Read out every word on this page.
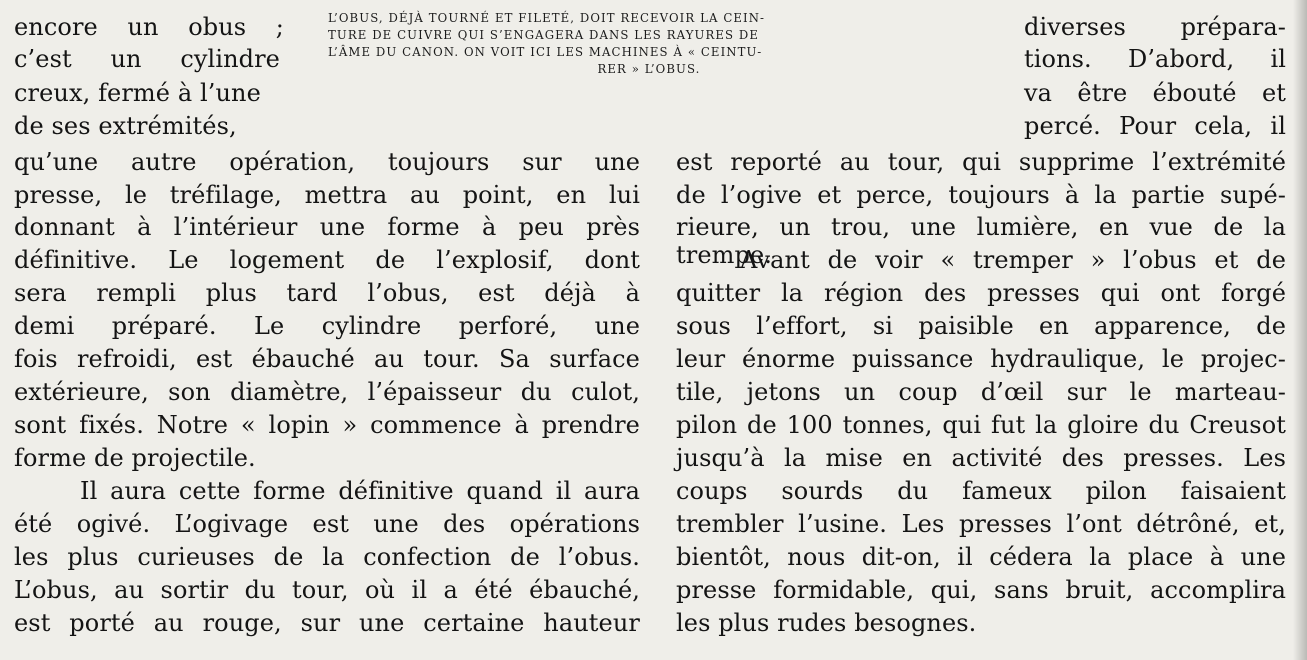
encore un obus ;
c’est un cylindre
creux, fermé à l’une
de ses extrémités,
L’OBUS, DÉJÀ TOURNÉ ET FILETÉ, DOIT RECEVOIR LA CEIN-
TURE DE CUIVRE QUI S’ENGAGERA DANS LES RAYURES DE
L’ÂME DU CANON. ON VOIT ICI LES MACHINES À « CEINTU-
RER » L’OBUS.
diverses prépara-
tions. D’abord, il
va être ébouté et
percé. Pour cela, il
qu’une autre opération, toujours sur une
presse, le tréfilage, mettra au point, en lui
donnant à l’intérieur une forme à peu près
définitive. Le logement de l’explosif, dont
sera rempli plus tard l’obus, est déjà à
demi préparé. Le cylindre perforé, une
fois refroidi, est ébauché au tour. Sa surface
extérieure, son diamètre, l’épaisseur du culot,
sont fixés. Notre « lopin » commence à prendre
forme de projectile.
Il aura cette forme définitive quand il aura
été ogivé. L’ogivage est une des opérations
les plus curieuses de la confection de l’obus.
L’obus, au sortir du tour, où il a été ébauché,
est porté au rouge, sur une certaine hauteur
est reporté au tour, qui supprime l’extrémité
de l’ogive et perce, toujours à la partie supé-
rieure, un trou, une lumière, en vue de la trempe.
Avant de voir « tremper » l’obus et de
quitter la région des presses qui ont forgé
sous l’effort, si paisible en apparence, de
leur énorme puissance hydraulique, le projec-
tile, jetons un coup d’œil sur le marteau-
pilon de 100 tonnes, qui fut la gloire du Creusot
jusqu’à la mise en activité des presses. Les
coups sourds du fameux pilon faisaient
trembler l’usine. Les presses l’ont détrôné, et,
bientôt, nous dit-on, il cédera la place à une
presse formidable, qui, sans bruit, accomplira
les plus rudes besognes.
